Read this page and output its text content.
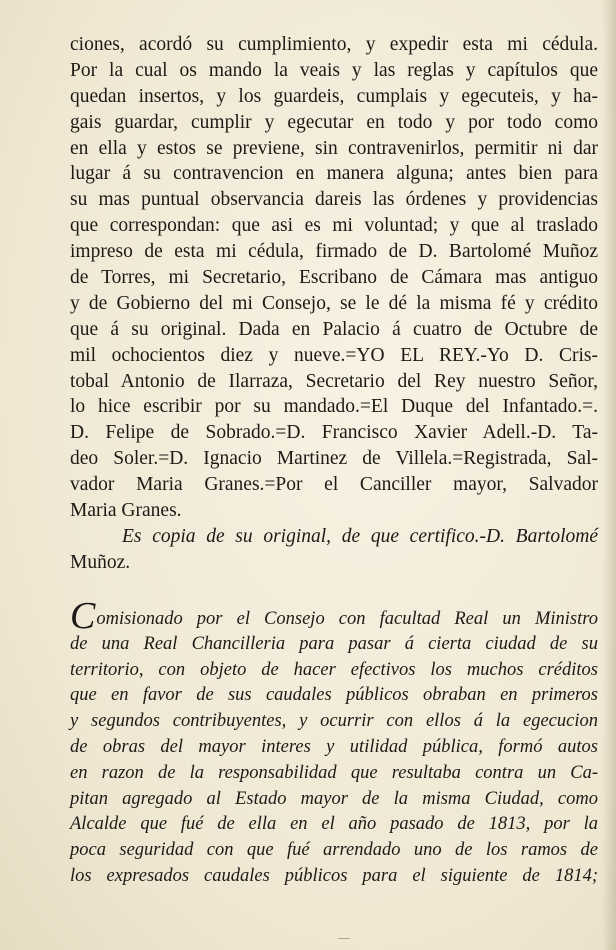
ciones, acordó su cumplimiento, y expedir esta mi cédula.
Por la cual os mando la veais y las reglas y capítulos que
quedan insertos, y los guardeis, cumplais y egecuteis, y ha-
gais guardar, cumplir y egecutar en todo y por todo como
en ella y estos se previene, sin contravenirlos, permitir ni dar
lugar á su contravencion en manera alguna; antes bien para
su mas puntual observancia dareis las órdenes y providencias
que correspondan: que asi es mi voluntad; y que al traslado
impreso de esta mi cédula, firmado de D. Bartolomé Muñoz
de Torres, mi Secretario, Escribano de Cámara mas antiguo
y de Gobierno del mi Consejo, se le dé la misma fé y crédito
que á su original. Dada en Palacio á cuatro de Octubre de
mil ochocientos diez y nueve.=YO EL REY.-Yo D. Cris-
tobal Antonio de Ilarraza, Secretario del Rey nuestro Señor,
lo hice escribir por su mandado.=El Duque del Infantado.=.
D. Felipe de Sobrado.=D. Francisco Xavier Adell.-D. Ta-
deo Soler.=D. Ignacio Martinez de Villela.=Registrada, Sal-
vador Maria Granes.=Por el Canciller mayor, Salvador
Maria Granes.
Es copia de su original, de que certifico.-D. Bartolomé
Muñoz.
Comisionado por el Consejo con facultad Real un Ministro
de una Real Chancilleria para pasar á cierta ciudad de su
territorio, con objeto de hacer efectivos los muchos créditos
que en favor de sus caudales públicos obraban en primeros
y segundos contribuyentes, y ocurrir con ellos á la egecucion
de obras del mayor interes y utilidad pública, formó autos
en razon de la responsabilidad que resultaba contra un Ca-
pitan agregado al Estado mayor de la misma Ciudad, como
Alcalde que fué de ella en el año pasado de 1813, por la
poca seguridad con que fué arrendado uno de los ramos de
los expresados caudales públicos para el siguiente de 1814;
